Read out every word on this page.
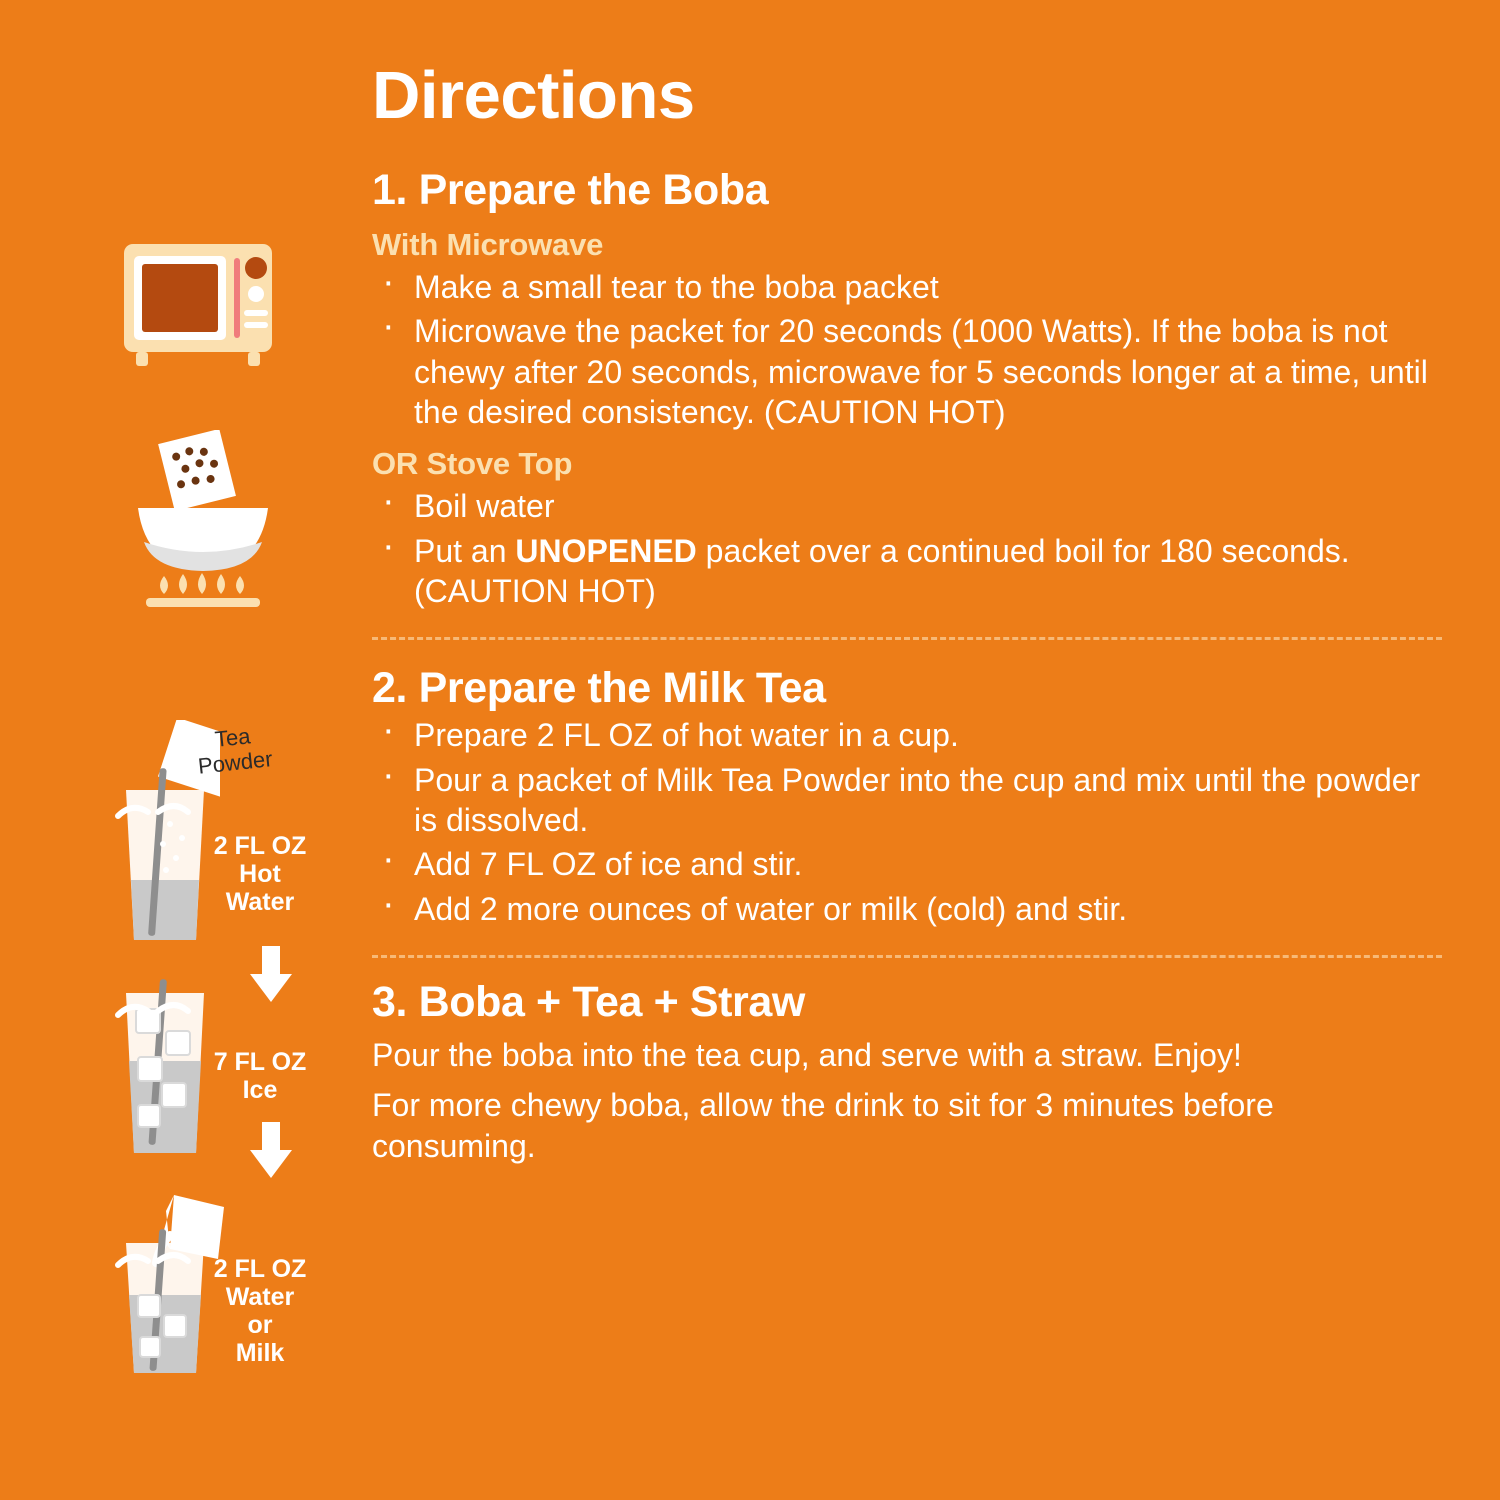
Tea Powder
2 FL OZ
Hot
Water
7 FL OZ
Ice
2 FL OZ
Water
or
Milk
Directions
1. Prepare the Boba
With Microwave
· Make a small tear to the boba packet
· Microwave the packet for 20 seconds (1000 Watts). If the boba is not chewy after 20 seconds, microwave for 5 seconds longer at a time, until the desired consistency. (CAUTION HOT)
OR Stove Top
· Boil water
· Put an UNOPENED packet over a continued boil for 180 seconds. (CAUTION HOT)
2. Prepare the Milk Tea
· Prepare 2 FL OZ of hot water in a cup.
· Pour a packet of Milk Tea Powder into the cup and mix until the powder is dissolved.
· Add 7 FL OZ of ice and stir.
· Add 2 more ounces of water or milk (cold) and stir.
3. Boba + Tea + Straw
Pour the boba into the tea cup, and serve with a straw. Enjoy!
For more chewy boba, allow the drink to sit for 3 minutes before consuming.
